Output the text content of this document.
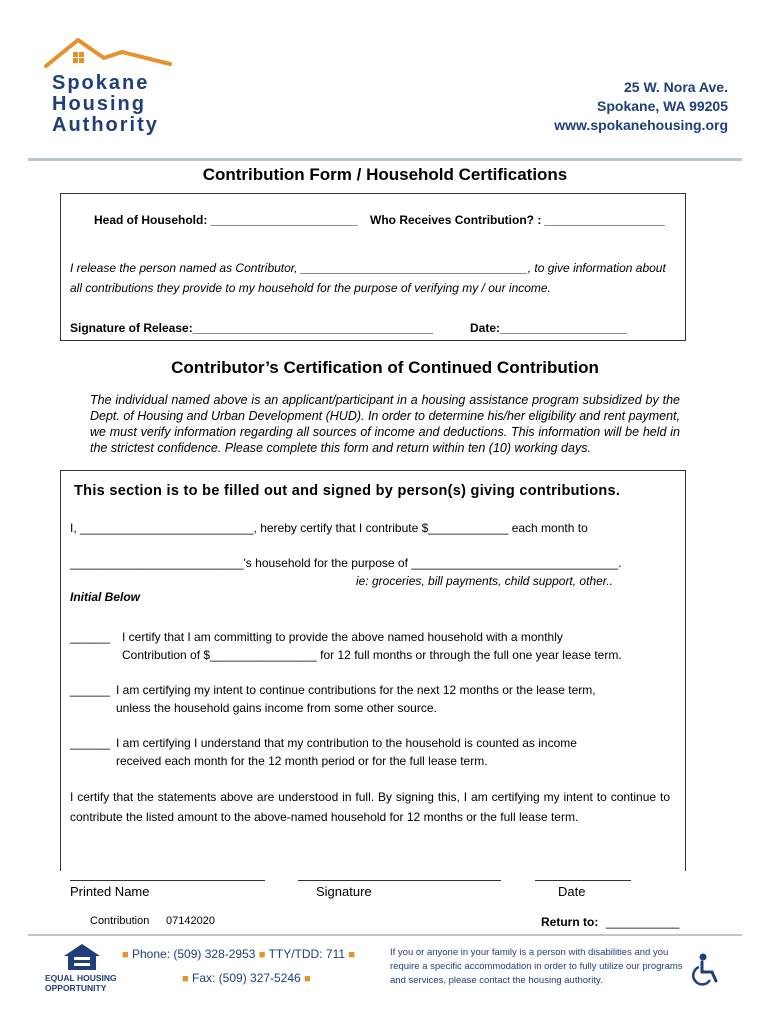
Spokane
Housing
Authority
25 W. Nora Ave.
Spokane, WA 99205
www.spokanehousing.org
Contribution Form / Household Certifications
Head of Household: ______________________ Who Receives Contribution? : __________________
I release the person named as Contributor, __________________________________, to give information about
all contributions they provide to my household for the purpose of verifying my / our income.
Signature of Release:____________________________________	Date:___________________
Contributor’s Certification of Continued Contribution
The individual named above is an applicant/participant in a housing assistance program subsidized by the Dept. of Housing and Urban Development (HUD). In order to determine his/her eligibility and rent payment, we must verify information regarding all sources of income and deductions. This information will be held in the strictest confidence. Please complete this form and return within ten (10) working days.
This section is to be filled out and signed by person(s) giving contributions.
I, __________________________, hereby certify that I contribute $____________ each month to
__________________________'s household for the purpose of _______________________________.
ie: groceries, bill payments, child support, other..
Initial Below
______ I certify that I am committing to provide the above named household with a monthly
Contribution of $________________ for 12 full months or through the full one year lease term.
______ I am certifying my intent to continue contributions for the next 12 months or the lease term,
unless the household gains income from some other source.
______ I am certifying I understand that my contribution to the household is counted as income
received each month for the 12 month period or for the full lease term.
I certify that the statements above are understood in full. By signing this, I am certifying my intent to continue to contribute the listed amount to the above-named household for 12 months or the full lease term.
Printed Name	Signature	Date
Contribution 07142020	Return to: ___________
EQUAL HOUSING
OPPORTUNITY
■ Phone: (509) 328-2953 ■ TTY/TDD: 711 ■
■ Fax: (509) 327-5246 ■
If you or anyone in your family is a person with disabilities and you require a specific accommodation in order to fully utilize our programs and services, please contact the housing authority.
